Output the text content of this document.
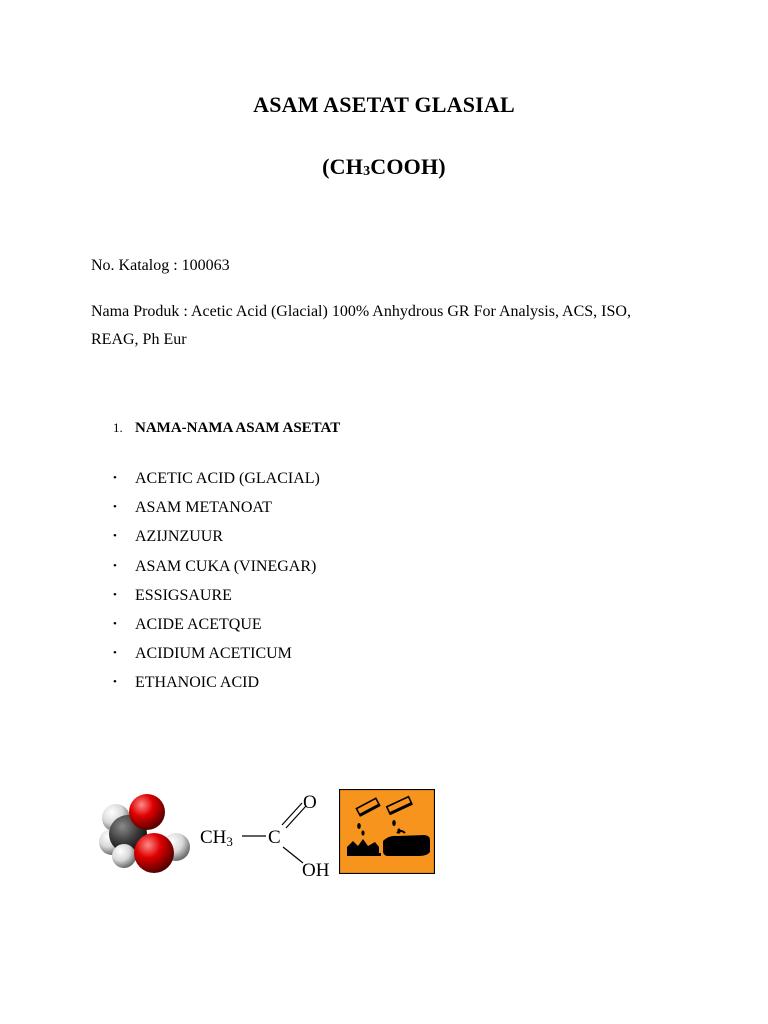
ASAM ASETAT GLASIAL
$(CH_3COOH)$
No. Katalog : 100063
Nama Produk : Acetic Acid (Glacial) 100% Anhydrous GR For Analysis, ACS, ISO, REAG, Ph Eur
1. NAMA-NAMA ASAM ASETAT
•	ACETIC ACID (GLACIAL)
•	ASAM METANOAT
•	AZIJNZUUR
•	ASAM CUKA (VINEGAR)
•	ESSIGSAURE
•	ACIDE ACETQUE
•	ACIDIUM ACETICUM
•	ETHANOIC ACID
CH3 C
O
OH
